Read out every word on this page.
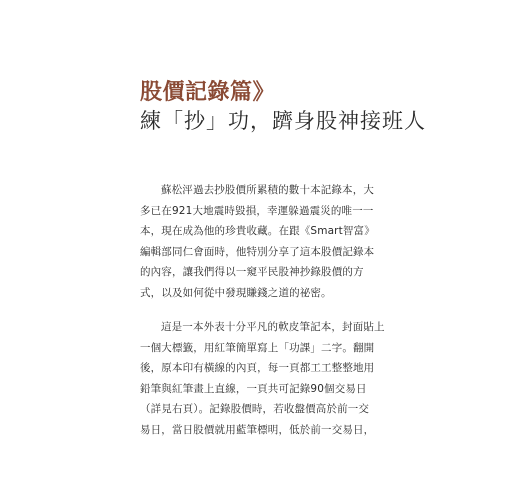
股價記錄篇》
練「抄」功，躋身股神接班人

蘇松泙過去抄股價所累積的數十本記錄本，大
多已在921大地震時毀損，幸運躲過震災的唯一一
本，現在成為他的珍貴收藏。在跟《Smart智富》
編輯部同仁會面時，他特別分享了這本股價記錄本
的內容，讓我們得以一窺平民股神抄錄股價的方
式，以及如何從中發現賺錢之道的祕密。

這是一本外表十分平凡的軟皮筆記本，封面貼上
一個大標籤，用紅筆簡單寫上「功課」二字。翻開
後，原本印有橫線的內頁，每一頁都工工整整地用
鉛筆與紅筆畫上直線，一頁共可記錄90個交易日
（詳見右頁）。記錄股價時，若收盤價高於前一交
易日，當日股價就用藍筆標明，低於前一交易日，
